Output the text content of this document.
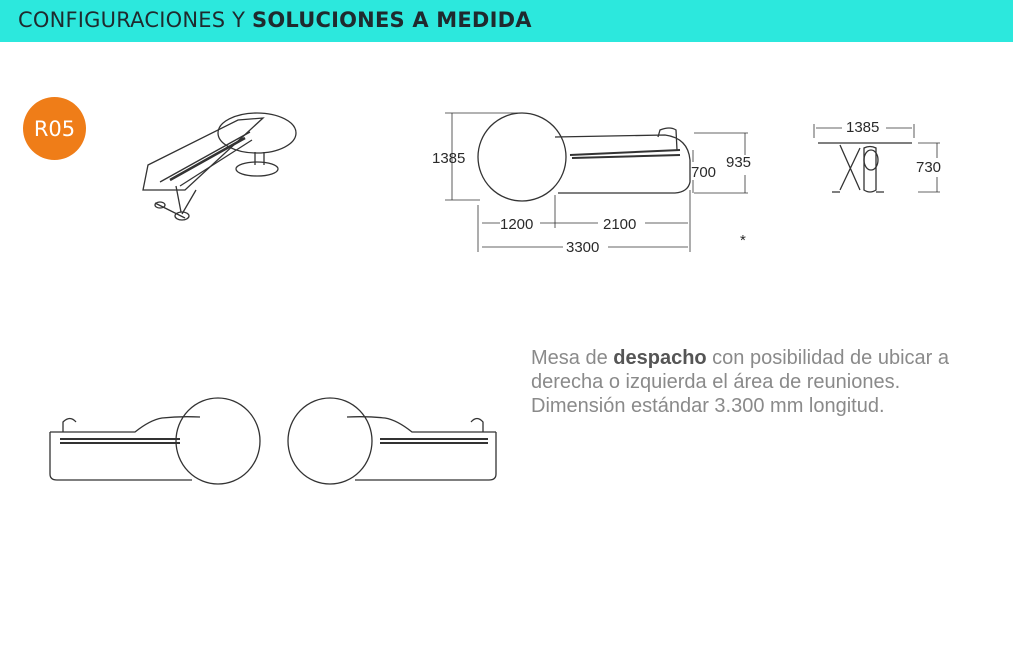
CONFIGURACIONES Y SOLUCIONES A MEDIDA
R05
1385	935
700
1200	2100
3300	*
1385
730
Mesa de despacho con posibilidad de ubicar a derecha o izquierda el área de reuniones. Dimensión estándar 3.300 mm longitud.
